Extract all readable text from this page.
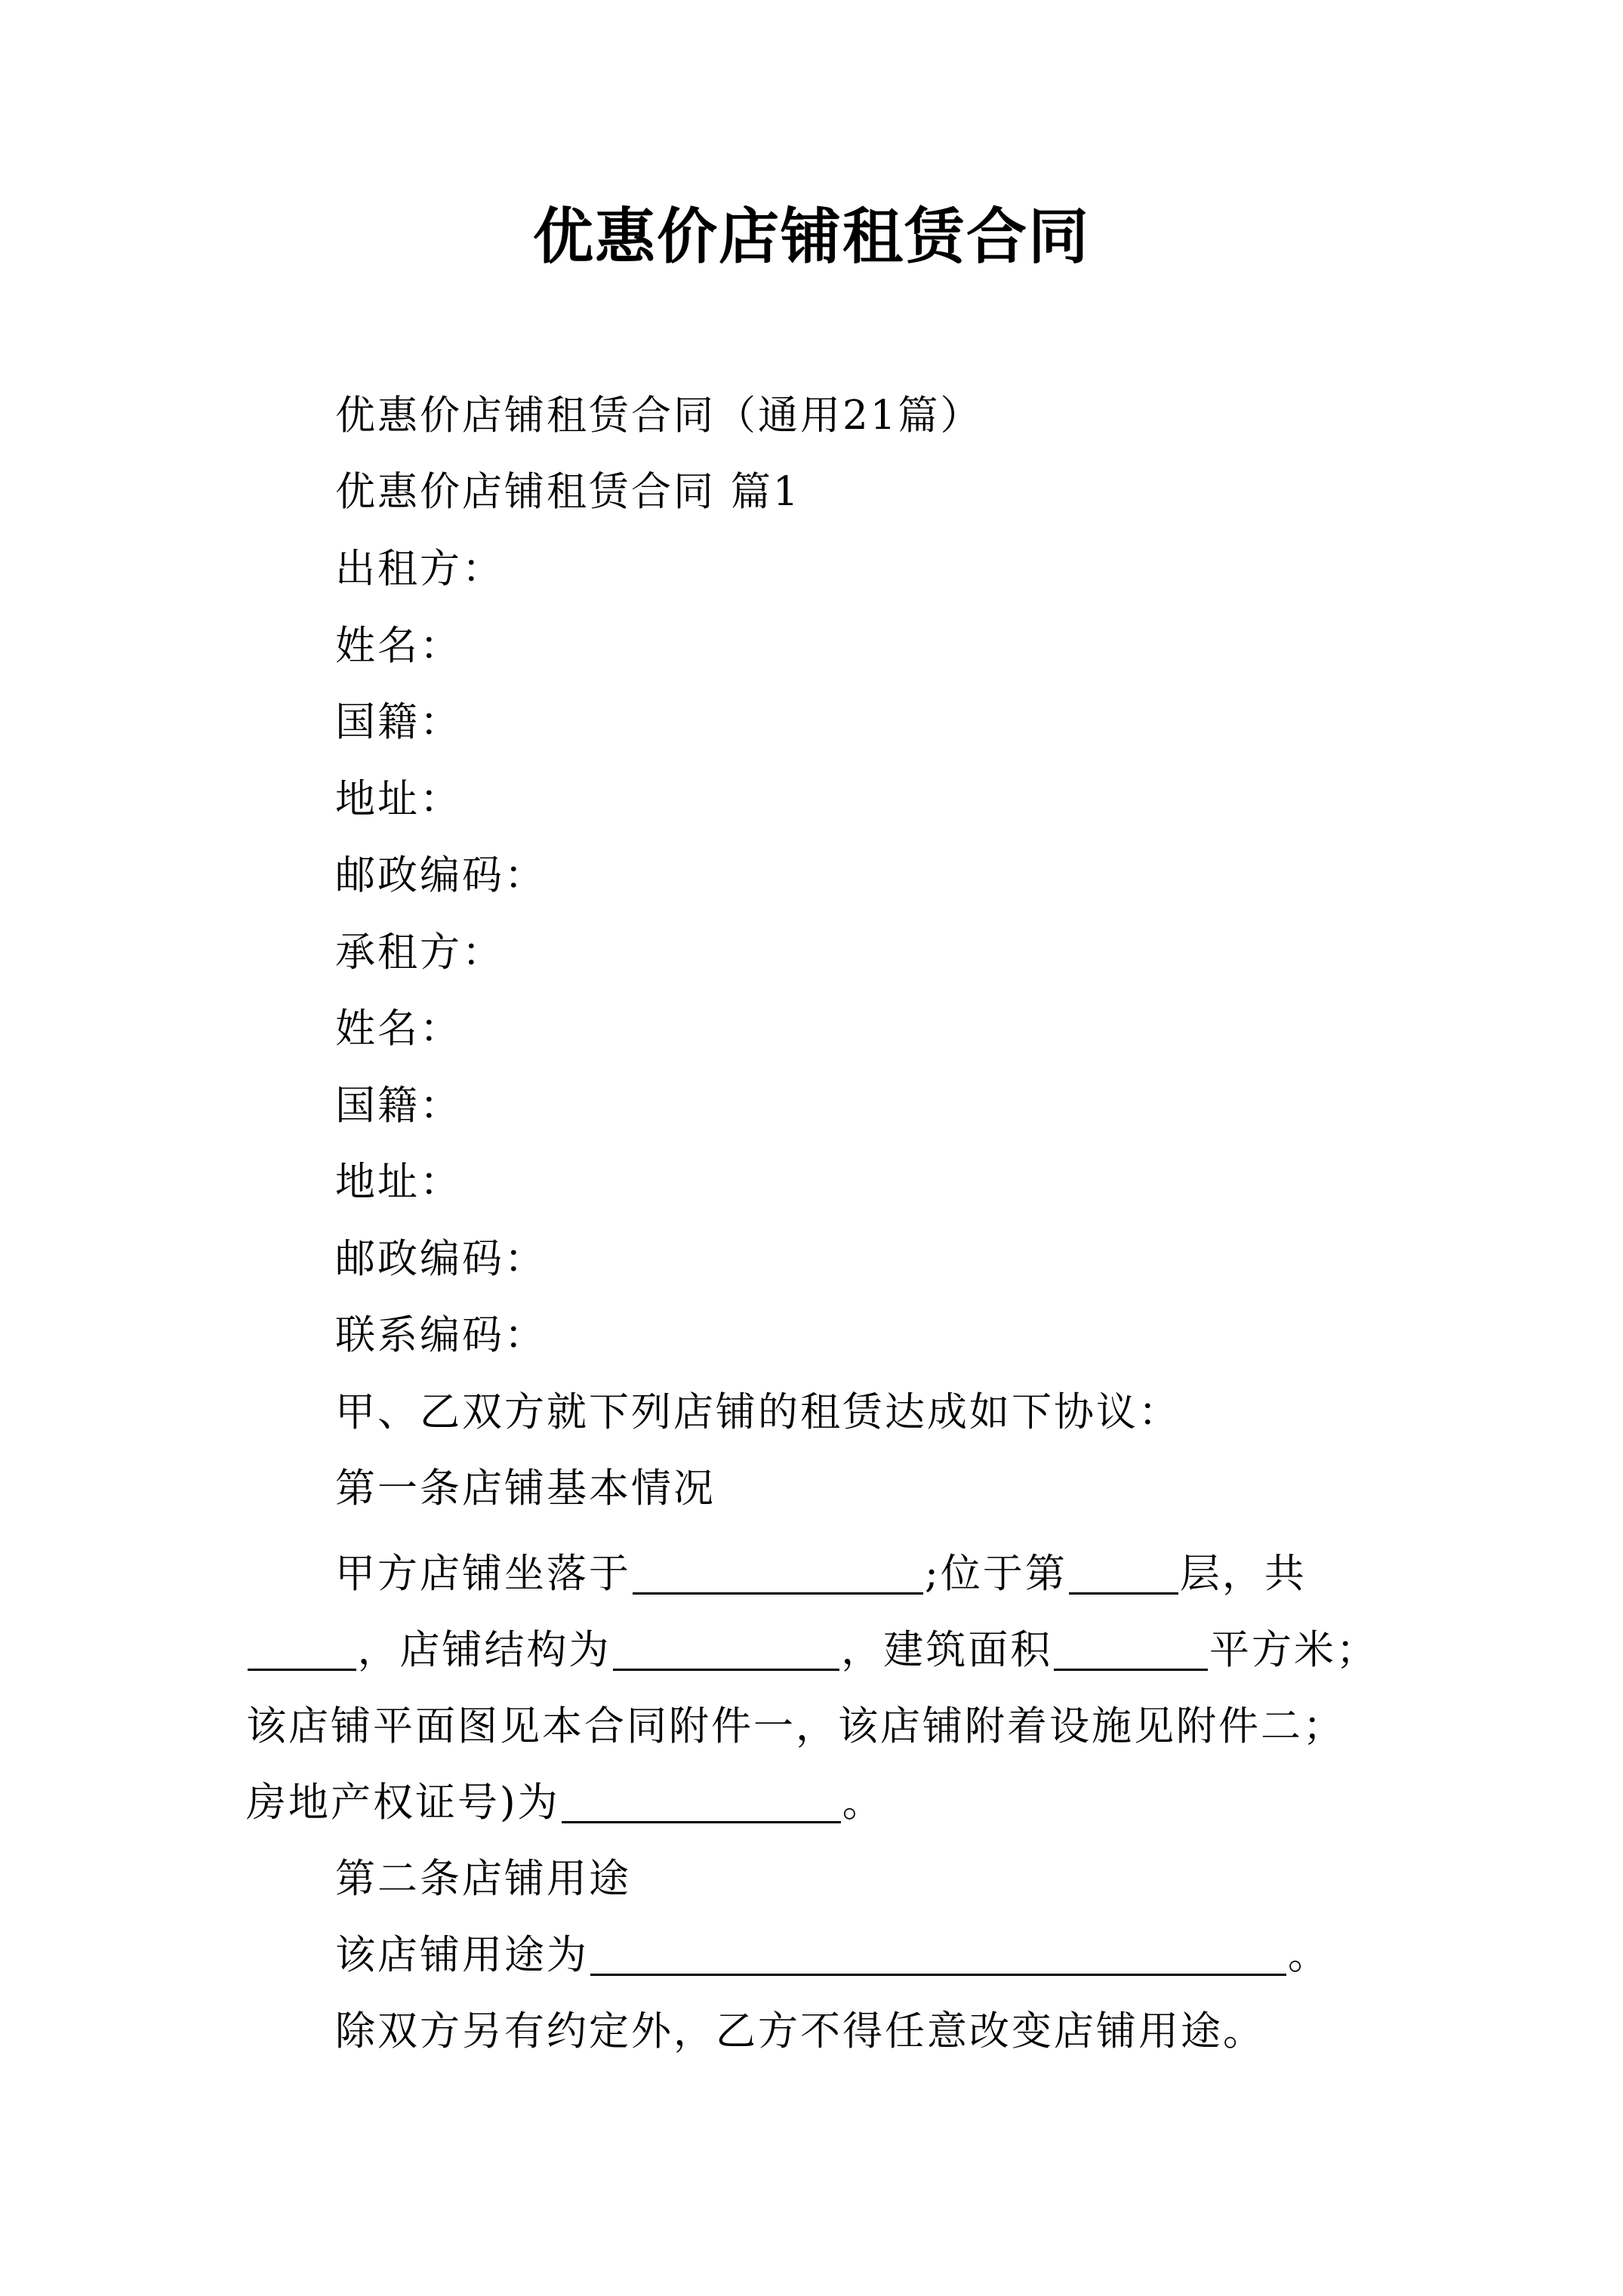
优惠价店铺租赁合同
优惠价店铺租赁合同（通用21篇）
优惠价店铺租赁合同 篇1
出租方：
姓名：
国籍：
地址：
邮政编码：
承租方：
姓名：
国籍：
地址：
邮政编码：
联系编码：
甲、乙双方就下列店铺的租赁达成如下协议：
第一条店铺基本情况
甲方店铺坐落于	;位于第	层，共
，店铺结构为	，建筑面积	平方米；
该店铺平面图见本合同附件一，该店铺附着设施见附件二；
房地产权证号)为	。
第二条店铺用途
该店铺用途为	。
除双方另有约定外，乙方不得任意改变店铺用途。
